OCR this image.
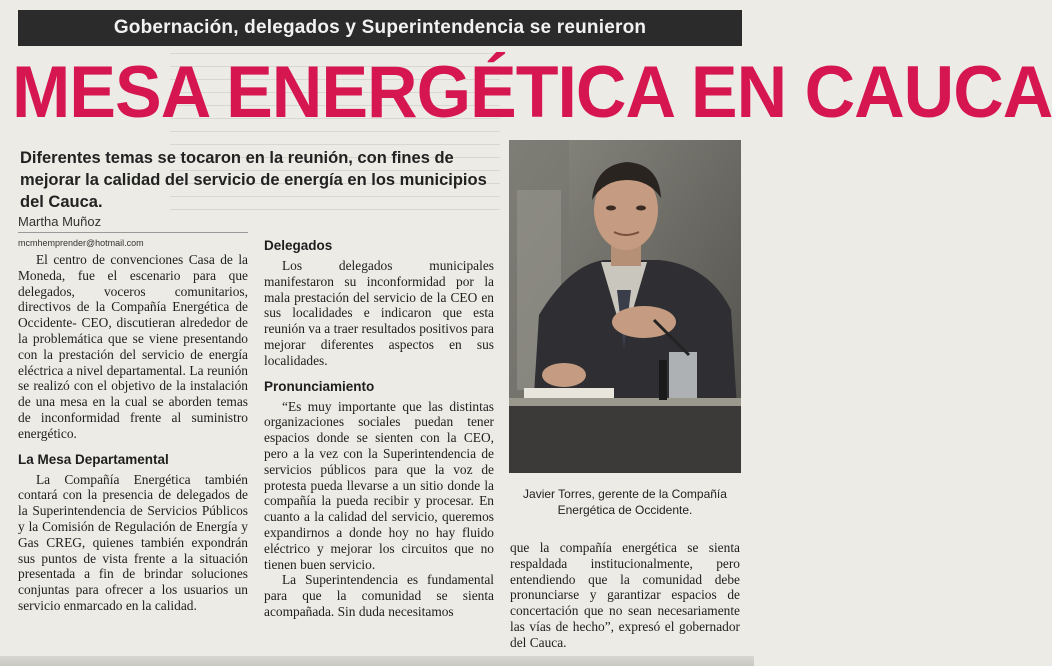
Gobernación, delegados y Superintendencia se reunieron
MESA ENERGÉTICA EN CAUCA
Diferentes temas se tocaron en la reunión, con fines de mejorar la calidad del servicio de energía en los municipios del Cauca.
Martha Muñoz
mcmhemprender@hotmail.com

El centro de convenciones Casa de la Moneda, fue el escenario para que delegados, voceros comunitarios, directivos de la Compañía Energética de Occidente- CEO, discutieran alrededor de la problemática que se viene presentando con la prestación del servicio de energía eléctrica a nivel departamental. La reunión se realizó con el objetivo de la instalación de una mesa en la cual se aborden temas de inconformidad frente al suministro energético.

La Mesa Departamental

La Compañía Energética también contará con la presencia de delegados de la Superintendencia de Servicios Públicos y la Comisión de Regulación de Energía y Gas CREG, quienes también expondrán sus puntos de vista frente a la situación presentada a fin de brindar soluciones conjuntas para ofrecer a los usuarios un servicio enmarcado en la calidad.

Delegados

Los delegados municipales manifestaron su inconformidad por la mala prestación del servicio de la CEO en sus localidades e indicaron que esta reunión va a traer resultados positivos para mejorar diferentes aspectos en sus localidades.

Pronunciamiento

“Es muy importante que las distintas organizaciones sociales puedan tener espacios donde se sienten con la CEO, pero a la vez con la Superintendencia de servicios públicos para que la voz de protesta pueda llevarse a un sitio donde la compañía la pueda recibir y procesar. En cuanto a la calidad del servicio, queremos expandirnos a donde hoy no hay fluido eléctrico y mejorar los circuitos que no tienen buen servicio.

La Superintendencia es fundamental para que la comunidad se sienta acompañada. Sin duda necesitamos

Javier Torres, gerente de la Compañía Energética de Occidente.

que la compañía energética se sienta respaldada institucionalmente, pero entendiendo que la comunidad debe pronunciarse y garantizar espacios de concertación que no sean necesariamente las vías de hecho”, expresó el gobernador del Cauca.
